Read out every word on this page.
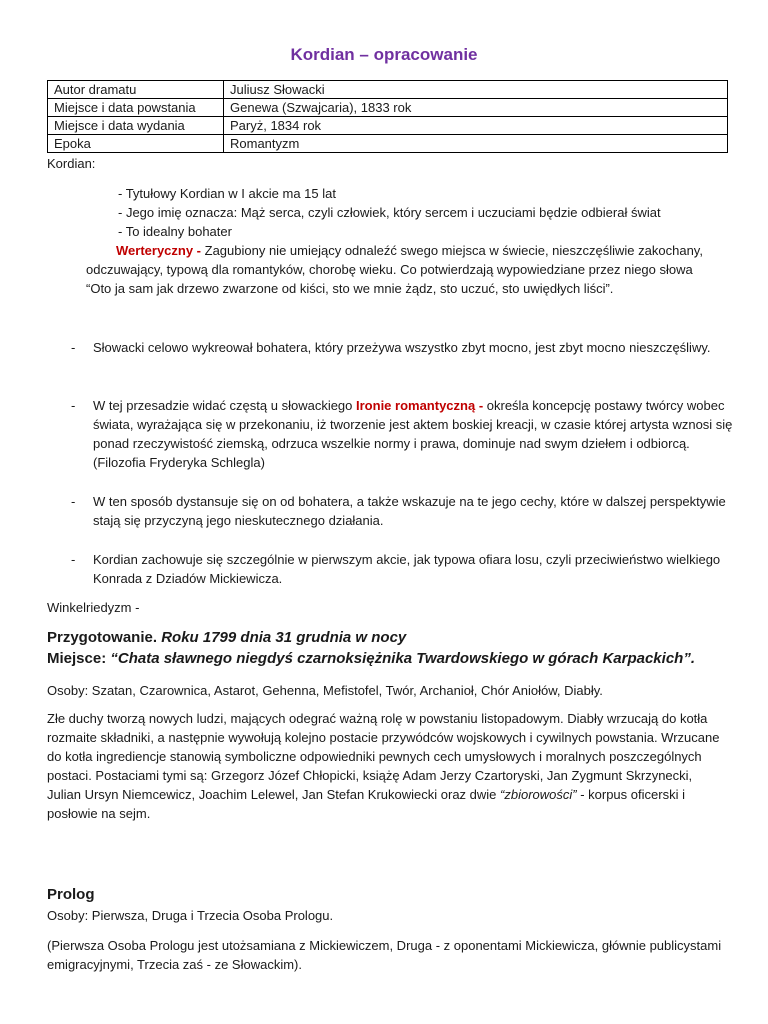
Kordian – opracowanie
Autor dramatu	Juliusz Słowacki
Miejsce i data powstania	Genewa (Szwajcaria), 1833 rok
Miejsce i data wydania	Paryż, 1834 rok
Epoka	Romantyzm
Kordian:
- Tytułowy Kordian w I akcie ma 15 lat
- Jego imię oznacza: Mąż serca, czyli człowiek, który sercem i uczuciami będzie odbierał świat
- To idealny bohater
Werteryczny - Zagubiony nie umiejący odnaleźć swego miejsca w świecie, nieszczęśliwie zakochany, odczuwający, typową dla romantyków, chorobę wieku. Co potwierdzają wypowiedziane przez niego słowa “Oto ja sam jak drzewo zwarzone od kiści, sto we mnie żądz, sto uczuć, sto uwiędłych liści”.
- Słowacki celowo wykreował bohatera, który przeżywa wszystko zbyt mocno, jest zbyt mocno nieszczęśliwy.
- W tej przesadzie widać częstą u słowackiego Ironie romantyczną - określa koncepcję postawy twórcy wobec świata, wyrażająca się w przekonaniu, iż tworzenie jest aktem boskiej kreacji, w czasie której artysta wznosi się ponad rzeczywistość ziemską, odrzuca wszelkie normy i prawa, dominuje nad swym dziełem i odbiorcą. (Filozofia Fryderyka Schlegla)
- W ten sposób dystansuje się on od bohatera, a także wskazuje na te jego cechy, które w dalszej perspektywie stają się przyczyną jego nieskutecznego działania.
- Kordian zachowuje się szczególnie w pierwszym akcie, jak typowa ofiara losu, czyli przeciwieństwo wielkiego Konrada z Dziadów Mickiewicza.
Winkelriedyzm -
Przygotowanie. Roku 1799 dnia 31 grudnia w nocy
Miejsce: “Chata sławnego niegdyś czarnoksiężnika Twardowskiego w górach Karpackich”.
Osoby: Szatan, Czarownica, Astarot, Gehenna, Mefistofel, Twór, Archanioł, Chór Aniołów, Diabły.
Złe duchy tworzą nowych ludzi, mających odegrać ważną rolę w powstaniu listopadowym. Diabły wrzucają do kotła rozmaite składniki, a następnie wywołują kolejno postacie przywódców wojskowych i cywilnych powstania. Wrzucane do kotła ingrediencje stanowią symboliczne odpowiedniki pewnych cech umysłowych i moralnych poszczególnych postaci. Postaciami tymi są: Grzegorz Józef Chłopicki, książę Adam Jerzy Czartoryski, Jan Zygmunt Skrzynecki, Julian Ursyn Niemcewicz, Joachim Lelewel, Jan Stefan Krukowiecki oraz dwie “zbiorowości” - korpus oficerski i posłowie na sejm.
Prolog
Osoby: Pierwsza, Druga i Trzecia Osoba Prologu.
(Pierwsza Osoba Prologu jest utożsamiana z Mickiewiczem, Druga - z oponentami Mickiewicza, głównie publicystami emigracyjnymi, Trzecia zaś - ze Słowackim).
